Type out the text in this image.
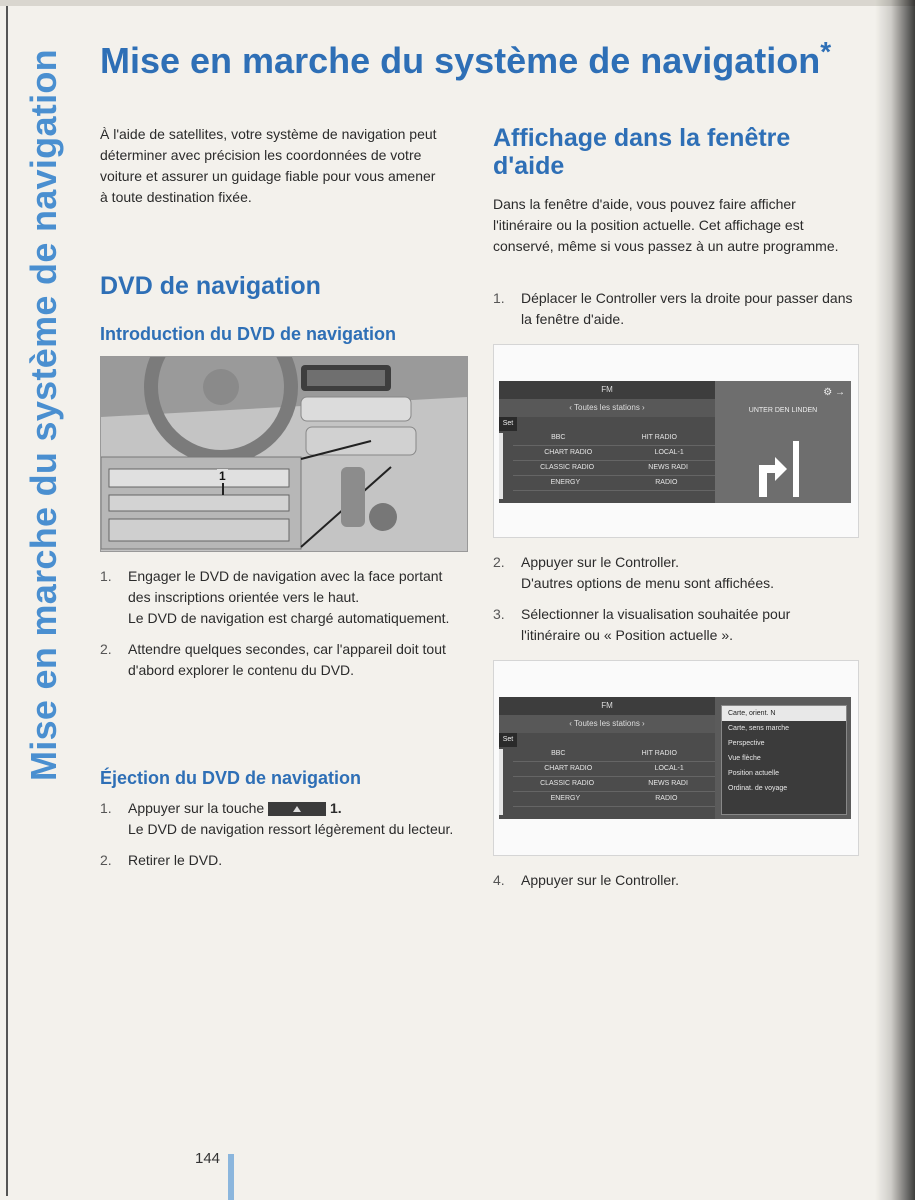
Mise en marche du système de navigation Mise en marche du système de navigation*
À l'aide de satellites, votre système de navigation peut déterminer avec précision les coordonnées de votre voiture et assurer un guidage fiable pour vous amener à toute destination fixée.
DVD de navigation
Introduction du DVD de navigation
1
1. Engager le DVD de navigation avec la face portant des inscriptions orientée vers le haut.
Le DVD de navigation est chargé automatiquement.
2. Attendre quelques secondes, car l'appareil doit tout d'abord explorer le contenu du DVD.
Éjection du DVD de navigation
1. Appuyer sur la touche	1.
Le DVD de navigation ressort légèrement du lecteur.
2. Retirer le DVD.
Affichage dans la fenêtre d'aide
Dans la fenêtre d'aide, vous pouvez faire afficher l'itinéraire ou la position actuelle. Cet affichage est conservé, même si vous passez à un autre programme.
1. Déplacer le Controller vers la droite pour passer dans la fenêtre d'aide.
FM
‹ Toutes les stations ›
Set
BBC	HIT RADIO
CHART RADIO	LOCAL-1
CLASSIC RADIO	NEWS RADI
ENERGY	RADIO
⚙ →
UNTER DEN LINDEN
2. Appuyer sur le Controller.
D'autres options de menu sont affichées.
3. Sélectionner la visualisation souhaitée pour l'itinéraire ou « Position actuelle ».
FM
‹ Toutes les stations ›
Set
BBC	HIT RADIO
CHART RADIO	LOCAL-1
CLASSIC RADIO	NEWS RADI
ENERGY	RADIO
Carte, orient. N
Carte, sens marche
Perspective
Vue flèche
Position actuelle
Ordinat. de voyage
4. Appuyer sur le Controller.
144
